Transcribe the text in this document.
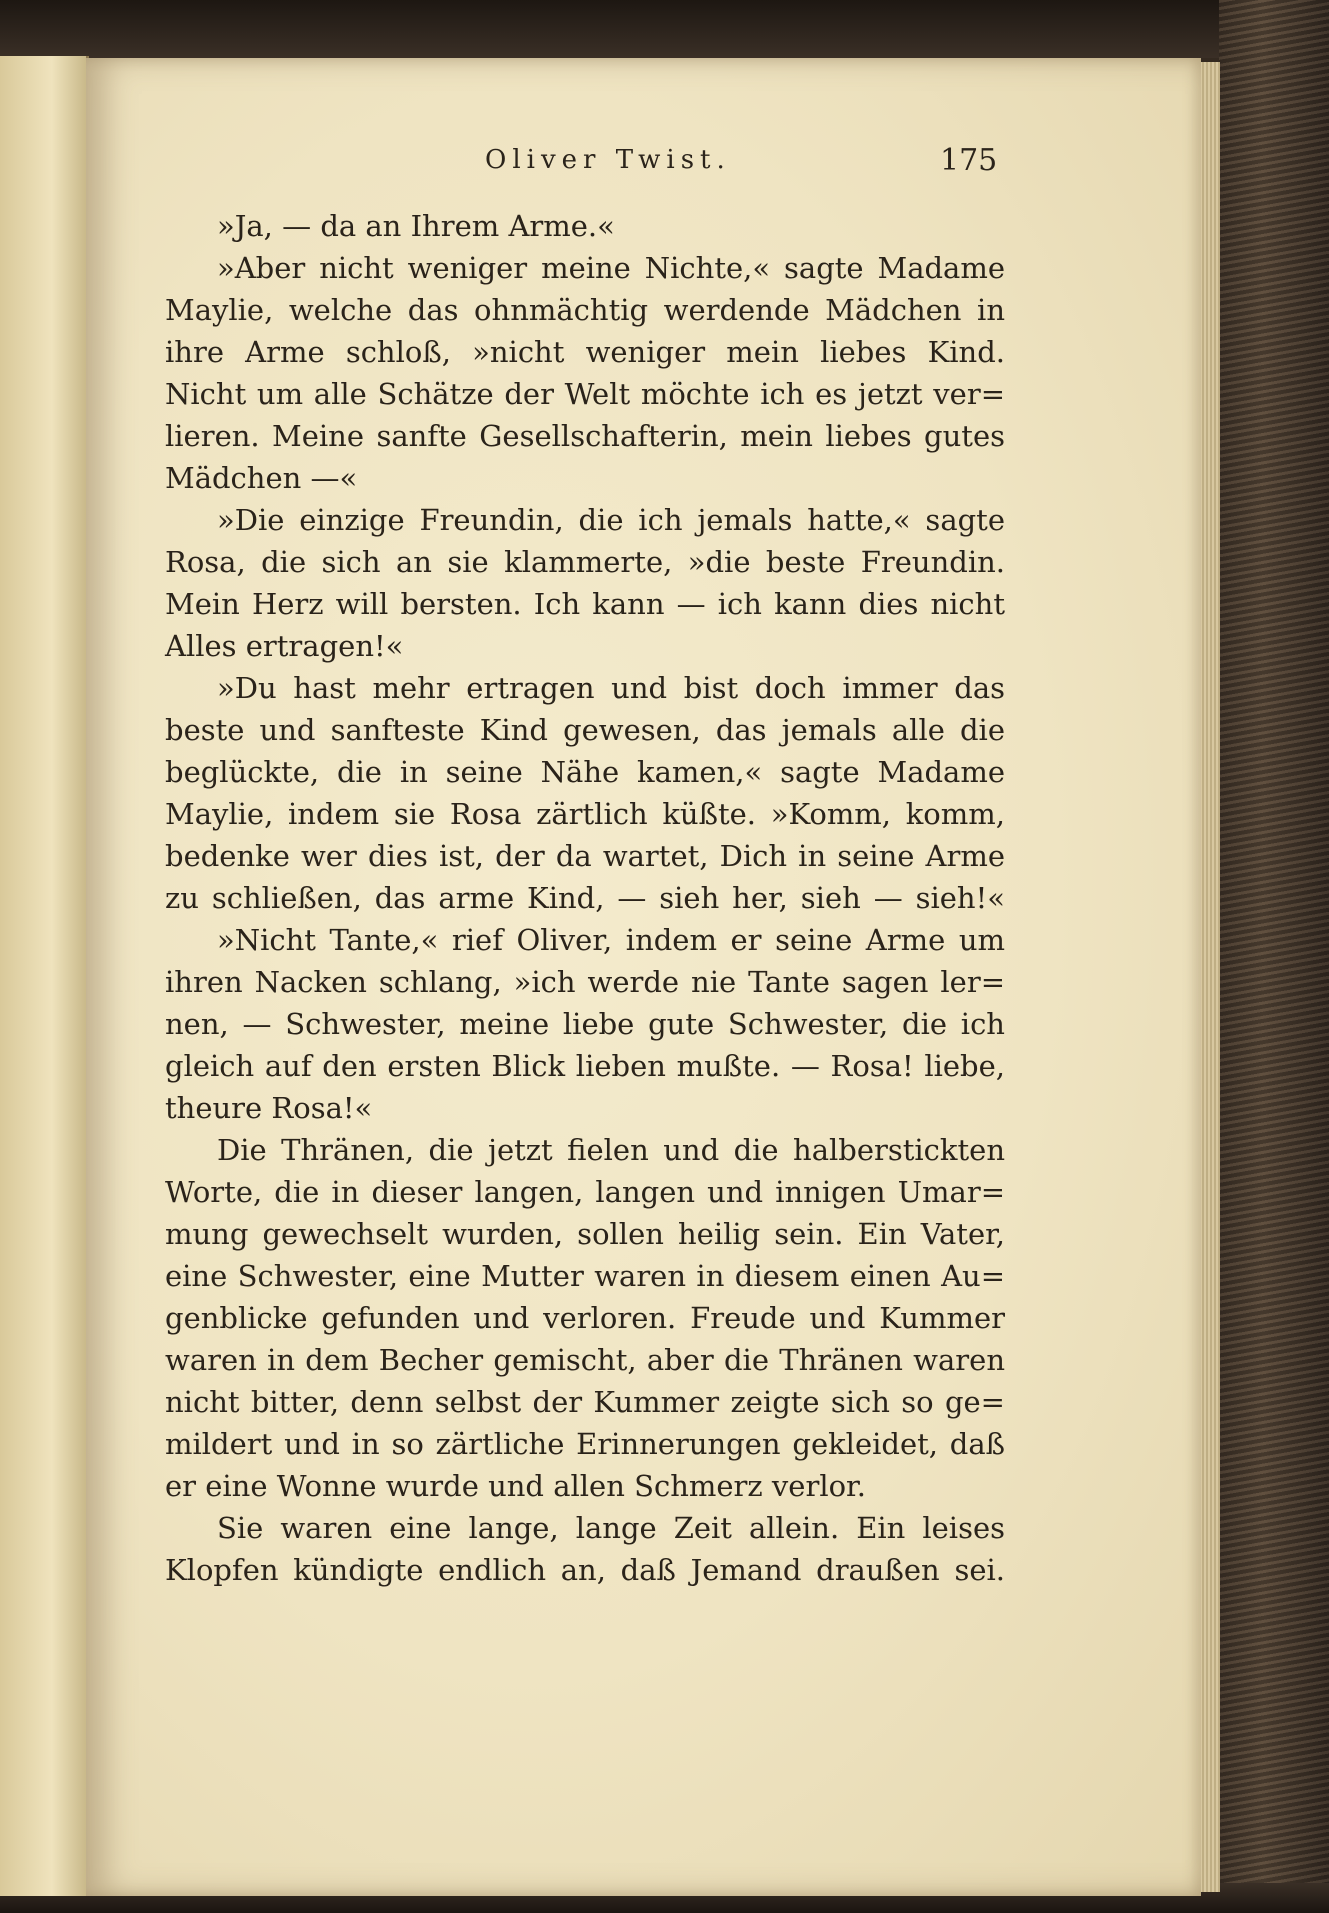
Oliver Twist.	175
»Ja, — da an Ihrem Arme.«
»Aber nicht weniger meine Nichte,« sagte Madame
Maylie, welche das ohnmächtig werdende Mädchen in
ihre Arme schloß, »nicht weniger mein liebes Kind.
Nicht um alle Schätze der Welt möchte ich es jetzt ver=
lieren. Meine sanfte Gesellschafterin, mein liebes gutes
Mädchen —«
»Die einzige Freundin, die ich jemals hatte,« sagte
Rosa, die sich an sie klammerte, »die beste Freundin.
Mein Herz will bersten. Ich kann — ich kann dies nicht
Alles ertragen!«
»Du hast mehr ertragen und bist doch immer das
beste und sanfteste Kind gewesen, das jemals alle die
beglückte, die in seine Nähe kamen,« sagte Madame
Maylie, indem sie Rosa zärtlich küßte. »Komm, komm,
bedenke wer dies ist, der da wartet, Dich in seine Arme
zu schließen, das arme Kind, — sieh her, sieh — sieh!«
»Nicht Tante,« rief Oliver, indem er seine Arme um
ihren Nacken schlang, »ich werde nie Tante sagen ler=
nen, — Schwester, meine liebe gute Schwester, die ich
gleich auf den ersten Blick lieben mußte. — Rosa! liebe,
theure Rosa!«
Die Thränen, die jetzt fielen und die halberstickten
Worte, die in dieser langen, langen und innigen Umar=
mung gewechselt wurden, sollen heilig sein. Ein Vater,
eine Schwester, eine Mutter waren in diesem einen Au=
genblicke gefunden und verloren. Freude und Kummer
waren in dem Becher gemischt, aber die Thränen waren
nicht bitter, denn selbst der Kummer zeigte sich so ge=
mildert und in so zärtliche Erinnerungen gekleidet, daß
er eine Wonne wurde und allen Schmerz verlor.
Sie waren eine lange, lange Zeit allein. Ein leises
Klopfen kündigte endlich an, daß Jemand draußen sei.
